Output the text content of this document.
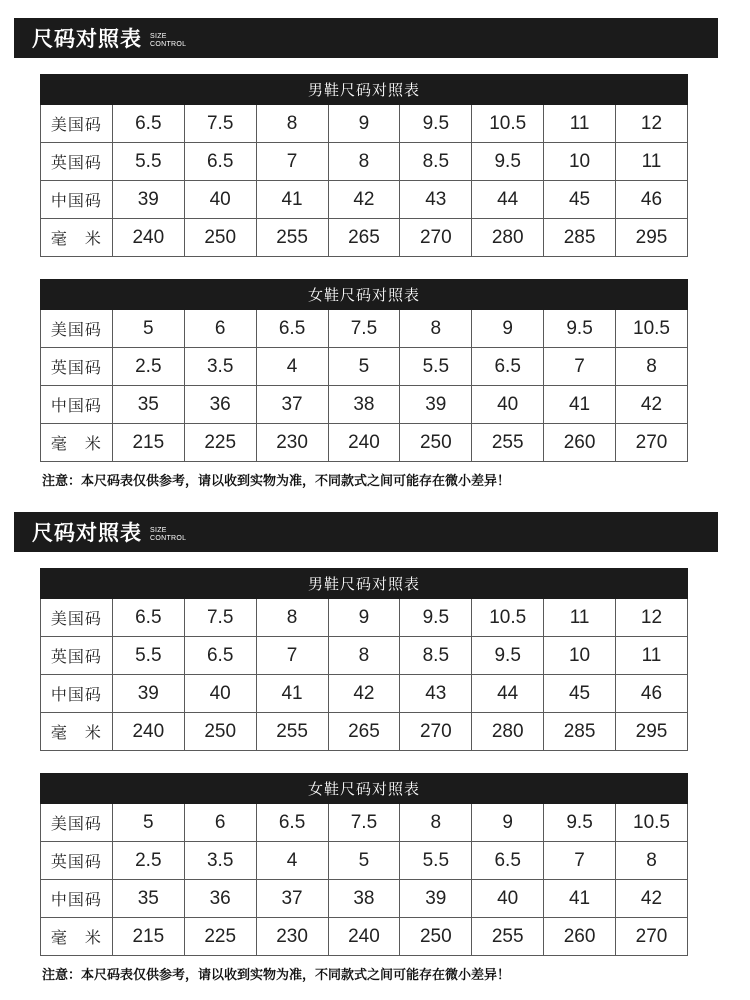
尺码对照表 SIZE
CONTROL
男鞋尺码对照表								
美国码	6.5	7.5	8	9	9.5	10.5	11	12
英国码	5.5	6.5	7	8	8.5	9.5	10	11
中国码	39	40	41	42	43	44	45	46
毫　米	240	250	255	265	270	280	285	295
女鞋尺码对照表								
美国码	5	6	6.5	7.5	8	9	9.5	10.5
英国码	2.5	3.5	4	5	5.5	6.5	7	8
中国码	35	36	37	38	39	40	41	42
毫　米	215	225	230	240	250	255	260	270
注意：本尺码表仅供参考，请以收到实物为准，不同款式之间可能存在微小差异！
尺码对照表 SIZE
CONTROL
男鞋尺码对照表								
美国码	6.5	7.5	8	9	9.5	10.5	11	12
英国码	5.5	6.5	7	8	8.5	9.5	10	11
中国码	39	40	41	42	43	44	45	46
毫　米	240	250	255	265	270	280	285	295
女鞋尺码对照表								
美国码	5	6	6.5	7.5	8	9	9.5	10.5
英国码	2.5	3.5	4	5	5.5	6.5	7	8
中国码	35	36	37	38	39	40	41	42
毫　米	215	225	230	240	250	255	260	270
注意：本尺码表仅供参考，请以收到实物为准，不同款式之间可能存在微小差异！
